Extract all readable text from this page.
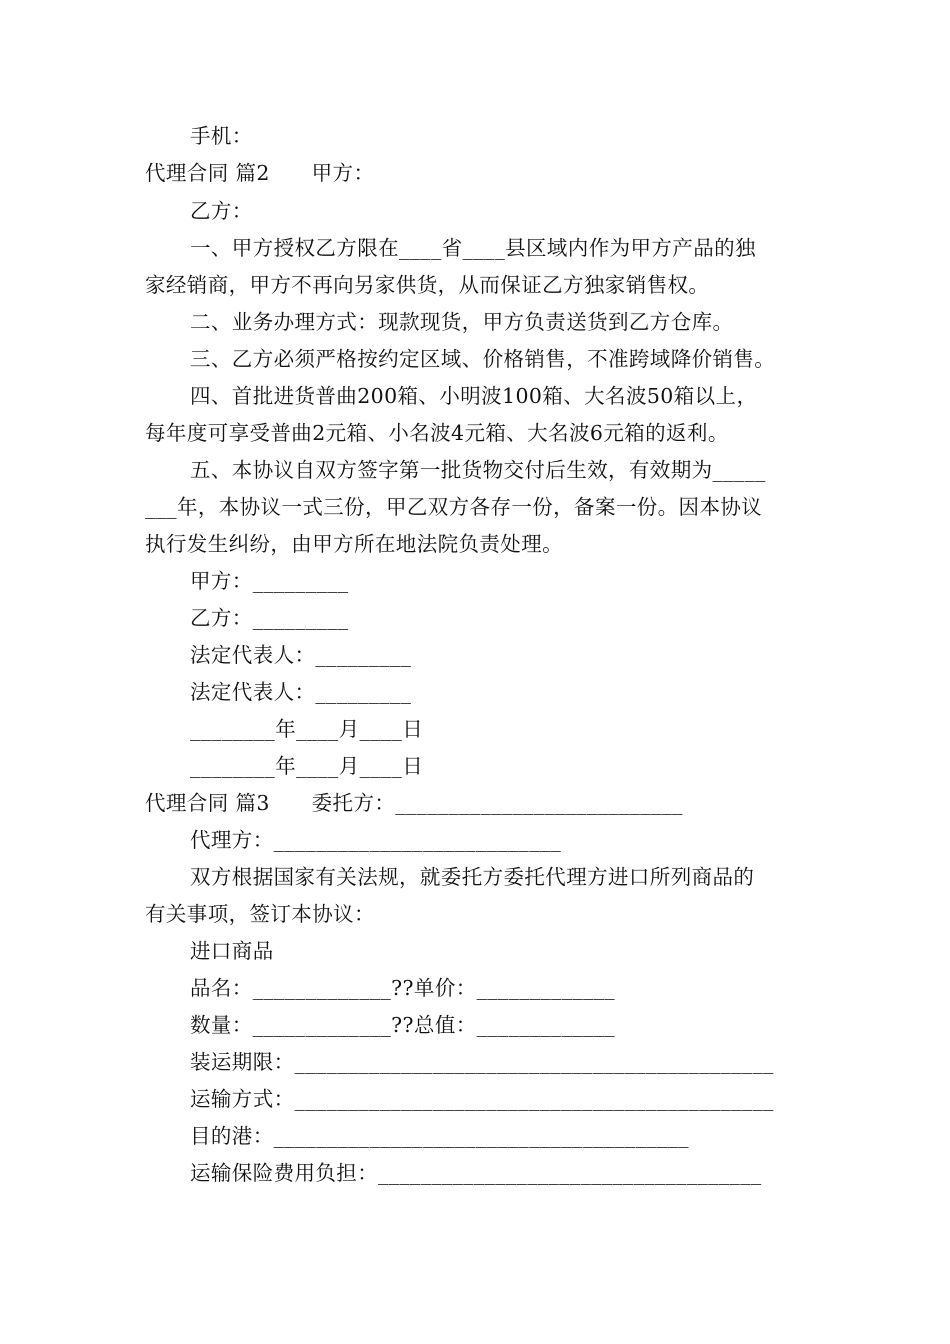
手机：
代理合同 篇2　　甲方：
乙方：
一、甲方授权乙方限在____省____县区域内作为甲方产品的独
家经销商，甲方不再向另家供货，从而保证乙方独家销售权。
二、业务办理方式：现款现货，甲方负责送货到乙方仓库。
三、乙方必须严格按约定区域、价格销售，不准跨域降价销售。
四、首批进货普曲200箱、小明波100箱、大名波50箱以上，
每年度可享受普曲2元箱、小名波4元箱、大名波6元箱的返利。
五、本协议自双方签字第一批货物交付后生效，有效期为_____
___年，本协议一式三份，甲乙双方各存一份，备案一份。因本协议
执行发生纠纷，由甲方所在地法院负责处理。
甲方：_________
乙方：_________
法定代表人：_________
法定代表人：_________
________年____月____日
________年____月____日
代理合同 篇3　　委托方：___________________________
代理方：___________________________
双方根据国家有关法规，就委托方委托代理方进口所列商品的
有关事项，签订本协议：
进口商品
品名：_____________??单价：_____________
数量：_____________??总值：_____________
装运期限：_____________________________________________
运输方式：_____________________________________________
目的港：_______________________________________
运输保险费用负担：____________________________________
